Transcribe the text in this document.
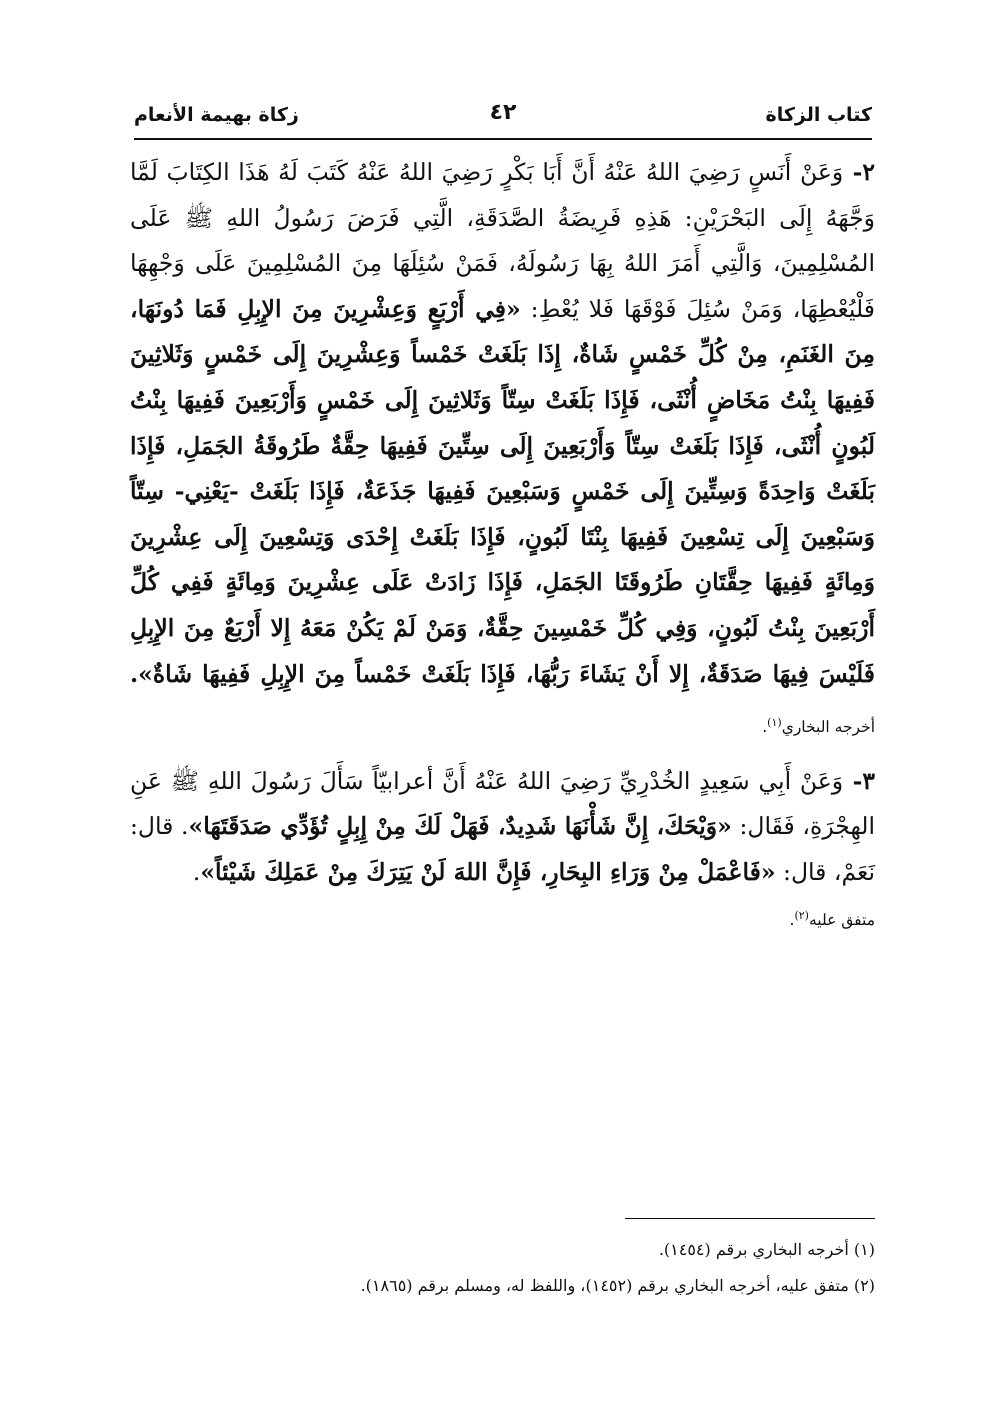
كتاب الزكاة
٤٢
زكاة بهيمة الأنعام

٢- وَعَنْ أَنَسٍ رَضِيَ اللهُ عَنْهُ أَنَّ أَبَا بَكْرٍ رَضِيَ اللهُ عَنْهُ كَتَبَ لَهُ هَذَا الكِتَابَ لَمَّا وَجَّهَهُ إِلَى البَحْرَيْنِ: هَذِهِ فَرِيضَةُ الصَّدَقَةِ، الَّتِي فَرَضَ رَسُولُ اللهِ ﷺ عَلَى المُسْلِمِينَ، وَالَّتِي أَمَرَ اللهُ بِهَا رَسُولَهُ، فَمَنْ سُئِلَهَا مِنَ المُسْلِمِينَ عَلَى وَجْهِهَا فَلْيُعْطِهَا، وَمَنْ سُئِلَ فَوْقَهَا فَلا يُعْطِ: «فِي أَرْبَعٍ وَعِشْرِينَ مِنَ الإِبِلِ فَمَا دُونَهَا، مِنَ الغَنَمِ، مِنْ كُلِّ خَمْسٍ شَاةٌ، إِذَا بَلَغَتْ خَمْساً وَعِشْرِينَ إِلَى خَمْسٍ وَثَلاثِينَ فَفِيهَا بِنْتُ مَخَاضٍ أُنْثَى، فَإِذَا بَلَغَتْ سِتّاً وَثَلاثِينَ إِلَى خَمْسٍ وَأَرْبَعِينَ فَفِيهَا بِنْتُ لَبُونٍ أُنْثَى، فَإِذَا بَلَغَتْ سِتّاً وَأَرْبَعِينَ إِلَى سِتِّينَ فَفِيهَا حِقَّةٌ طَرُوقَةُ الجَمَلِ، فَإِذَا بَلَغَتْ وَاحِدَةً وَسِتِّينَ إِلَى خَمْسٍ وَسَبْعِينَ فَفِيهَا جَذَعَةٌ، فَإِذَا بَلَغَتْ -يَعْنِي- سِتّاً وَسَبْعِينَ إِلَى تِسْعِينَ فَفِيهَا بِنْتَا لَبُونٍ، فَإِذَا بَلَغَتْ إِحْدَى وَتِسْعِينَ إِلَى عِشْرِينَ وَمِائَةٍ فَفِيهَا حِقَّتَانِ طَرُوقَتَا الجَمَلِ، فَإِذَا زَادَتْ عَلَى عِشْرِينَ وَمِائَةٍ فَفِي كُلِّ أَرْبَعِينَ بِنْتُ لَبُونٍ، وَفِي كُلِّ خَمْسِينَ حِقَّةٌ، وَمَنْ لَمْ يَكُنْ مَعَهُ إِلا أَرْبَعٌ مِنَ الإِبِلِ فَلَيْسَ فِيهَا صَدَقَةٌ، إِلا أَنْ يَشَاءَ رَبُّهَا، فَإِذَا بَلَغَتْ خَمْساً مِنَ الإِبِلِ فَفِيهَا شَاةٌ». أخرجه البخاري$^{(١)}$.

٣- وَعَنْ أَبِي سَعِيدٍ الخُدْرِيِّ رَضِيَ اللهُ عَنْهُ أَنَّ أعرابيّاً سَأَلَ رَسُولَ اللهِ ﷺ عَنِ الهِجْرَةِ، فَقَال: «وَيْحَكَ، إِنَّ شَأْنَهَا شَدِيدٌ، فَهَلْ لَكَ مِنْ إِبِلٍ تُؤَدِّي صَدَقَتَهَا». قال: نَعَمْ، قال: «فَاعْمَلْ مِنْ وَرَاءِ البِحَارِ، فَإِنَّ اللهَ لَنْ يَتِرَكَ مِنْ عَمَلِكَ شَيْئاً».
متفق عليه$^{(٢)}$.

(١) أخرجه البخاري برقم (١٤٥٤).

(٢) متفق عليه، أخرجه البخاري برقم (١٤٥٢)، واللفظ له، ومسلم برقم (١٨٦٥).
